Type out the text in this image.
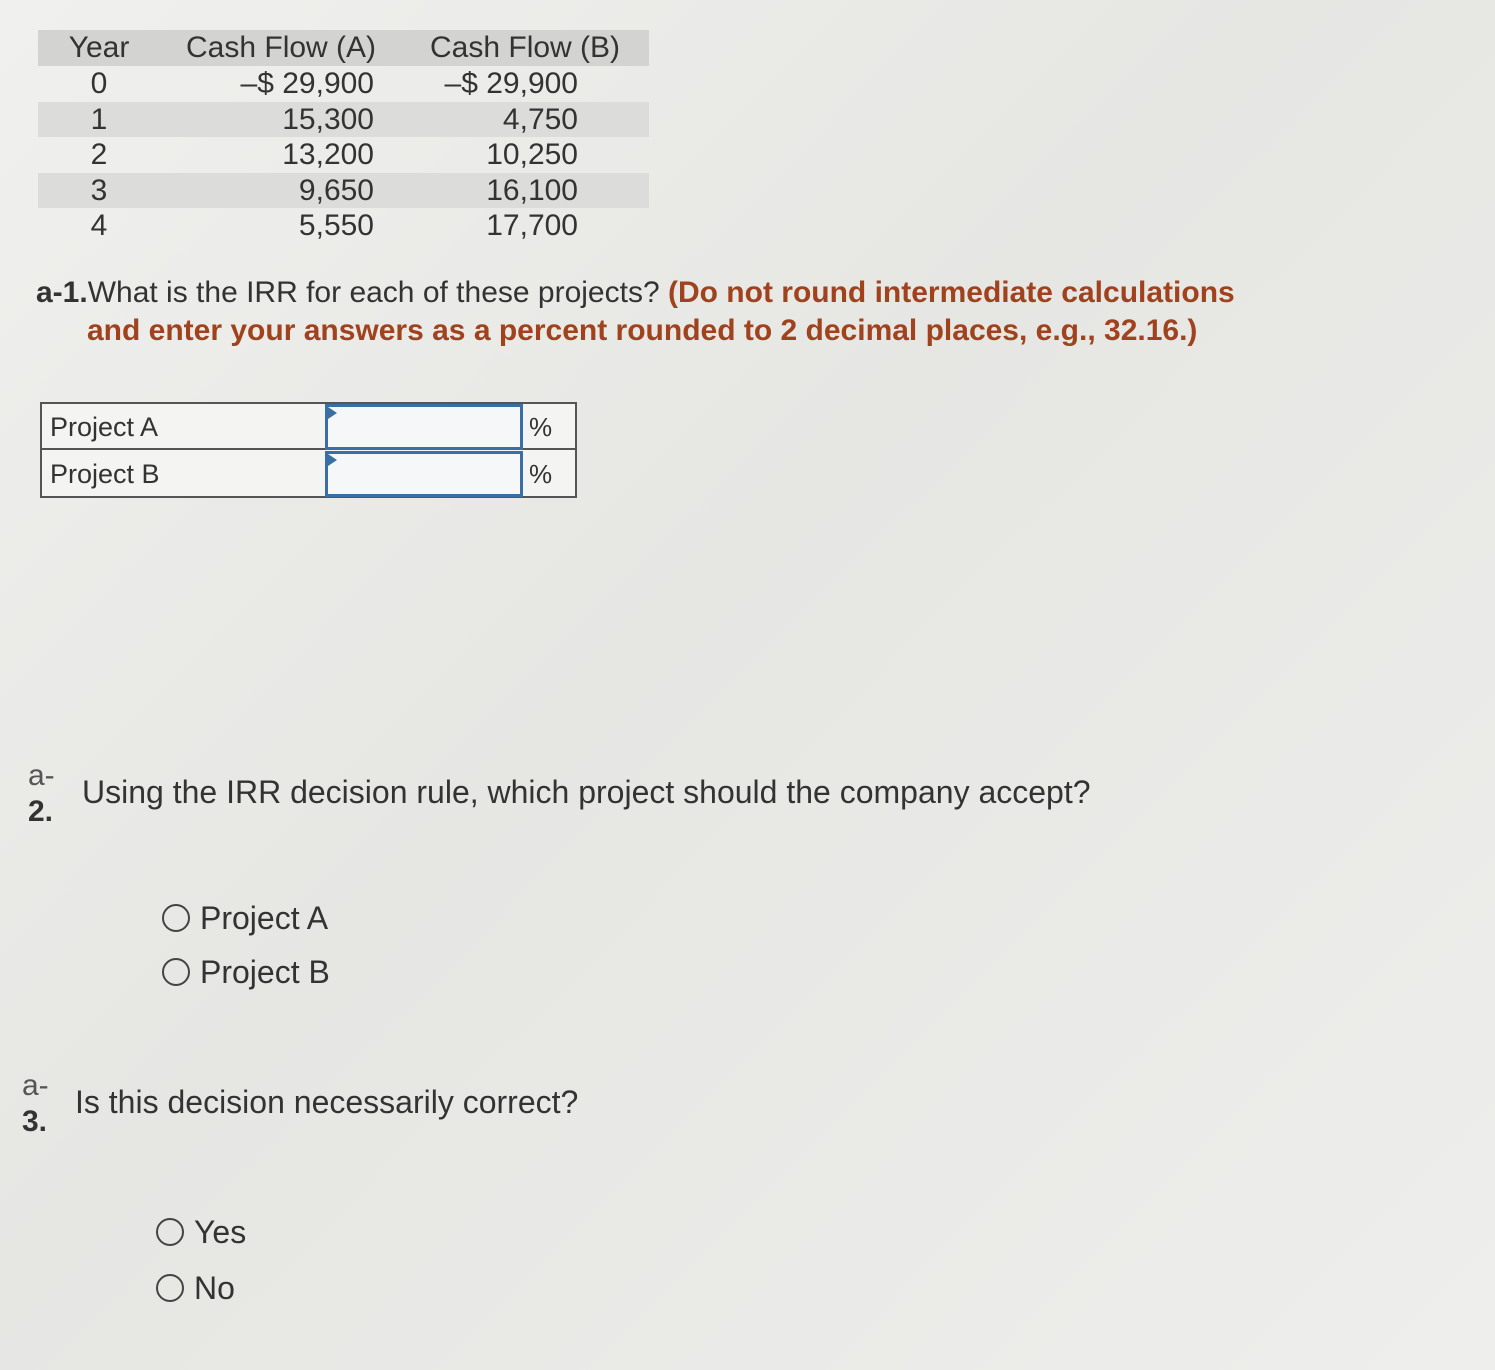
Year Cash Flow (A)	Cash Flow (B)
0	–$ 29,900	–$ 29,900
1	15,300	4,750
2	13,200	10,250
3	9,650	16,100
4	5,550	17,700
a-1.What is the IRR for each of these projects? (Do not round intermediate calculations
and enter your answers as a percent rounded to 2 decimal places, e.g., 32.16.)
Project A	%
Project B	%
a-
2.
Using the IRR decision rule, which project should the company accept?
Project A
Project B
a-
3.
Is this decision necessarily correct?
Yes
No
